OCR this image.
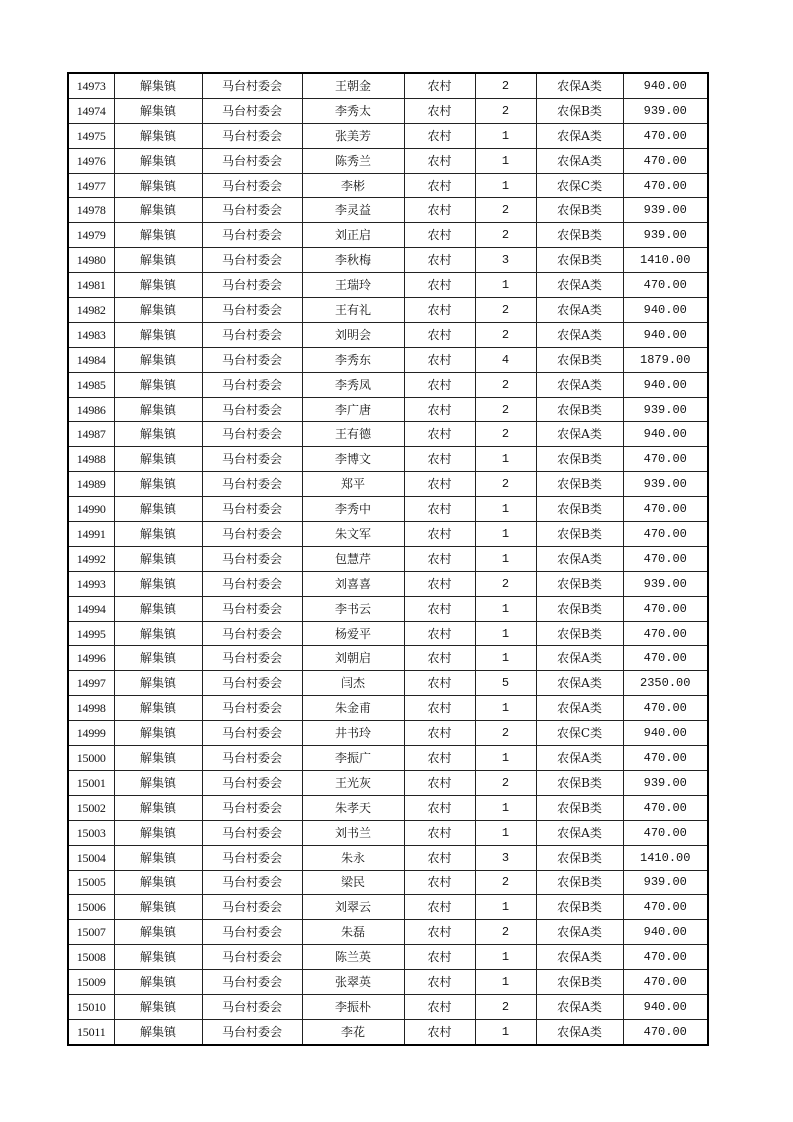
14973	解集镇	马台村委会	王朝金	农村	2	农保A类	940.00
14974	解集镇	马台村委会	李秀太	农村	2	农保B类	939.00
14975	解集镇	马台村委会	张美芳	农村	1	农保A类	470.00
14976	解集镇	马台村委会	陈秀兰	农村	1	农保A类	470.00
14977	解集镇	马台村委会	李彬	农村	1	农保C类	470.00
14978	解集镇	马台村委会	李灵益	农村	2	农保B类	939.00
14979	解集镇	马台村委会	刘正启	农村	2	农保B类	939.00
14980	解集镇	马台村委会	李秋梅	农村	3	农保B类	1410.00
14981	解集镇	马台村委会	王瑞玲	农村	1	农保A类	470.00
14982	解集镇	马台村委会	王有礼	农村	2	农保A类	940.00
14983	解集镇	马台村委会	刘明会	农村	2	农保A类	940.00
14984	解集镇	马台村委会	李秀东	农村	4	农保B类	1879.00
14985	解集镇	马台村委会	李秀凤	农村	2	农保A类	940.00
14986	解集镇	马台村委会	李广唐	农村	2	农保B类	939.00
14987	解集镇	马台村委会	王有德	农村	2	农保A类	940.00
14988	解集镇	马台村委会	李博文	农村	1	农保B类	470.00
14989	解集镇	马台村委会	郑平	农村	2	农保B类	939.00
14990	解集镇	马台村委会	李秀中	农村	1	农保B类	470.00
14991	解集镇	马台村委会	朱文军	农村	1	农保B类	470.00
14992	解集镇	马台村委会	包慧芹	农村	1	农保A类	470.00
14993	解集镇	马台村委会	刘喜喜	农村	2	农保B类	939.00
14994	解集镇	马台村委会	李书云	农村	1	农保B类	470.00
14995	解集镇	马台村委会	杨爱平	农村	1	农保B类	470.00
14996	解集镇	马台村委会	刘朝启	农村	1	农保A类	470.00
14997	解集镇	马台村委会	闫杰	农村	5	农保A类	2350.00
14998	解集镇	马台村委会	朱金甫	农村	1	农保A类	470.00
14999	解集镇	马台村委会	井书玲	农村	2	农保C类	940.00
15000	解集镇	马台村委会	李振广	农村	1	农保A类	470.00
15001	解集镇	马台村委会	王光灰	农村	2	农保B类	939.00
15002	解集镇	马台村委会	朱孝天	农村	1	农保B类	470.00
15003	解集镇	马台村委会	刘书兰	农村	1	农保A类	470.00
15004	解集镇	马台村委会	朱永	农村	3	农保B类	1410.00
15005	解集镇	马台村委会	梁民	农村	2	农保B类	939.00
15006	解集镇	马台村委会	刘翠云	农村	1	农保B类	470.00
15007	解集镇	马台村委会	朱磊	农村	2	农保A类	940.00
15008	解集镇	马台村委会	陈兰英	农村	1	农保A类	470.00
15009	解集镇	马台村委会	张翠英	农村	1	农保B类	470.00
15010	解集镇	马台村委会	李振朴	农村	2	农保A类	940.00
15011	解集镇	马台村委会	李花	农村	1	农保A类	470.00
